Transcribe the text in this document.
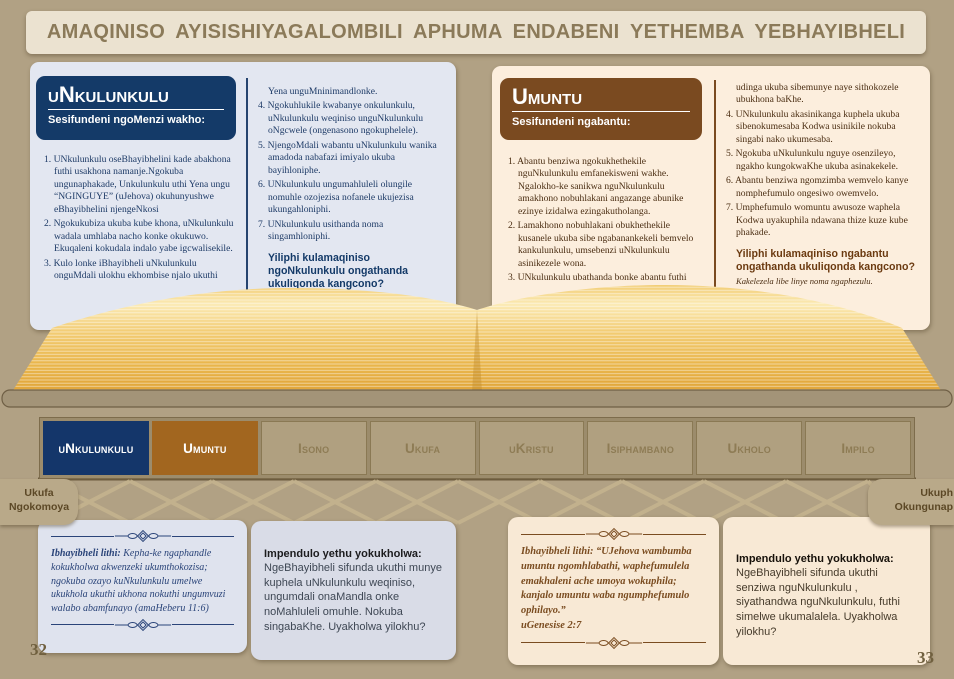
AMAQINISO AYISISHIYAGALOMBILI APHUMA ENDABENI YETHEMBA YEBHAYIBHELI
uNkulunkulu
Sesifundeni ngoMenzi wakho:
1. UNkulunkulu oseBhayibhelini kade abakhona futhi usakhona namanje.Ngokuba ungunaphakade, Unkulunkulu uthi Yena ungu “NGINGUYE” (uJehova) okuhunyushwe eBhayibhelini njengeNkosi
2. Ngokukubiza ukuba kube khona, uNkulunkulu wadala umhlaba nacho konke okukuwo. Ekuqaleni kokudala indalo yabe igcwalisekile.
3. Kulo lonke iBhayibheli uNkulunkulu onguMdali ulokhu ekhombise njalo ukuthi
Yena unguMninimandlonke.
4. Ngokuhlukile kwabanye onkulunkulu, uNkulunkulu weqiniso unguNkulunkulu oNgcwele (ongenasono ngokuphelele).
5. NjengoMdali wabantu uNkulunkulu wanika amadoda nabafazi imiyalo ukuba bayihloniphe.
6. UNkulunkulu ungumahluleli olungile nomuhle ozojezisa nofanele ukujezisa ukungahloniphi.
7. UNkulunkulu usithanda noma singamhloniphi.
Yiliphi kulamaqiniso ngoNkulunkulu ongathanda ukuliqonda kangcono?
Umuntu
Sesifundeni ngabantu:
1. Abantu benziwa ngokukhethekile nguNkulunkulu emfanekisweni wakhe. Ngalokho-ke sanikwa nguNkulunkulu amakhono nobuhlakani angazange abunike ezinye izidalwa ezingakutholanga.
2. Lamakhono nobuhlakani obukhethekile kusanele ukuba sibe ngabanankekeli bemvelo kankulunkulu, umsebenzi uNkulunkulu asinikezele wona.
3. UNkulunkulu ubathanda bonke abantu futhi
udinga ukuba sibemunye naye sithokozele ubukhona baKhe.
4. UNkulunkulu akasinikanga kuphela ukuba sibenokumesaba Kodwa usinikile nokuba singabi nako ukumesaba.
5. Ngokuba uNkulunkulu nguye osenzileyo, ngakho kungokwaKhe ukuba asinakekele.
6. Abantu benziwa ngomzimba wemvelo kanye nomphefumulo ongesiwo owemvelo.
7. Umphefumulo womuntu awusoze waphela Kodwa uyakuphila ndawana thize kuze kube phakade.
Yiliphi kulamaqiniso ngabantu ongathanda ukuliqonda kangcono?
Kakelezela libe linye noma ngaphezulu.
uNkulunkulu	Umuntu	Isono	Ukufa	uKristu	Isiphambano	Ukholo	Impilo
Ukufa Ngokomoya
Ukuph Okungunap
Ibhayibheli lithi: Kepha-ke ngaphandle kokukholwa akwenzeki ukumthokozisa; ngokuba ozayo kuNkulunkulu umelwe ukukhola ukuthi ukhona nokuthi ungumvuzi walabo abamfunayo (amaHeberu 11:6)
Impendulo yethu yokukholwa:
NgeBhayibheli sifunda ukuthi munye kuphela uNkulunkulu weqiniso, ungumdali onaMandla onke noMahluleli omuhle. Nokuba singabaKhe. Uyakholwa yilokhu?
Ibhayibheli lithi: “UJehova wambumba umuntu ngomhlabathi, waphefumulela emakhaleni ache umoya wokuphila; kanjalo umuntu waba ngumphefumulo ophilayo.”
uGenesise 2:7
Impendulo yethu yokukholwa:
NgeBhayibheli sifunda ukuthi senziwa nguNkulunkulu , siyathandwa nguNkulunkulu, futhi simelwe ukumalalela. Uyakholwa yilokhu?
32	33
